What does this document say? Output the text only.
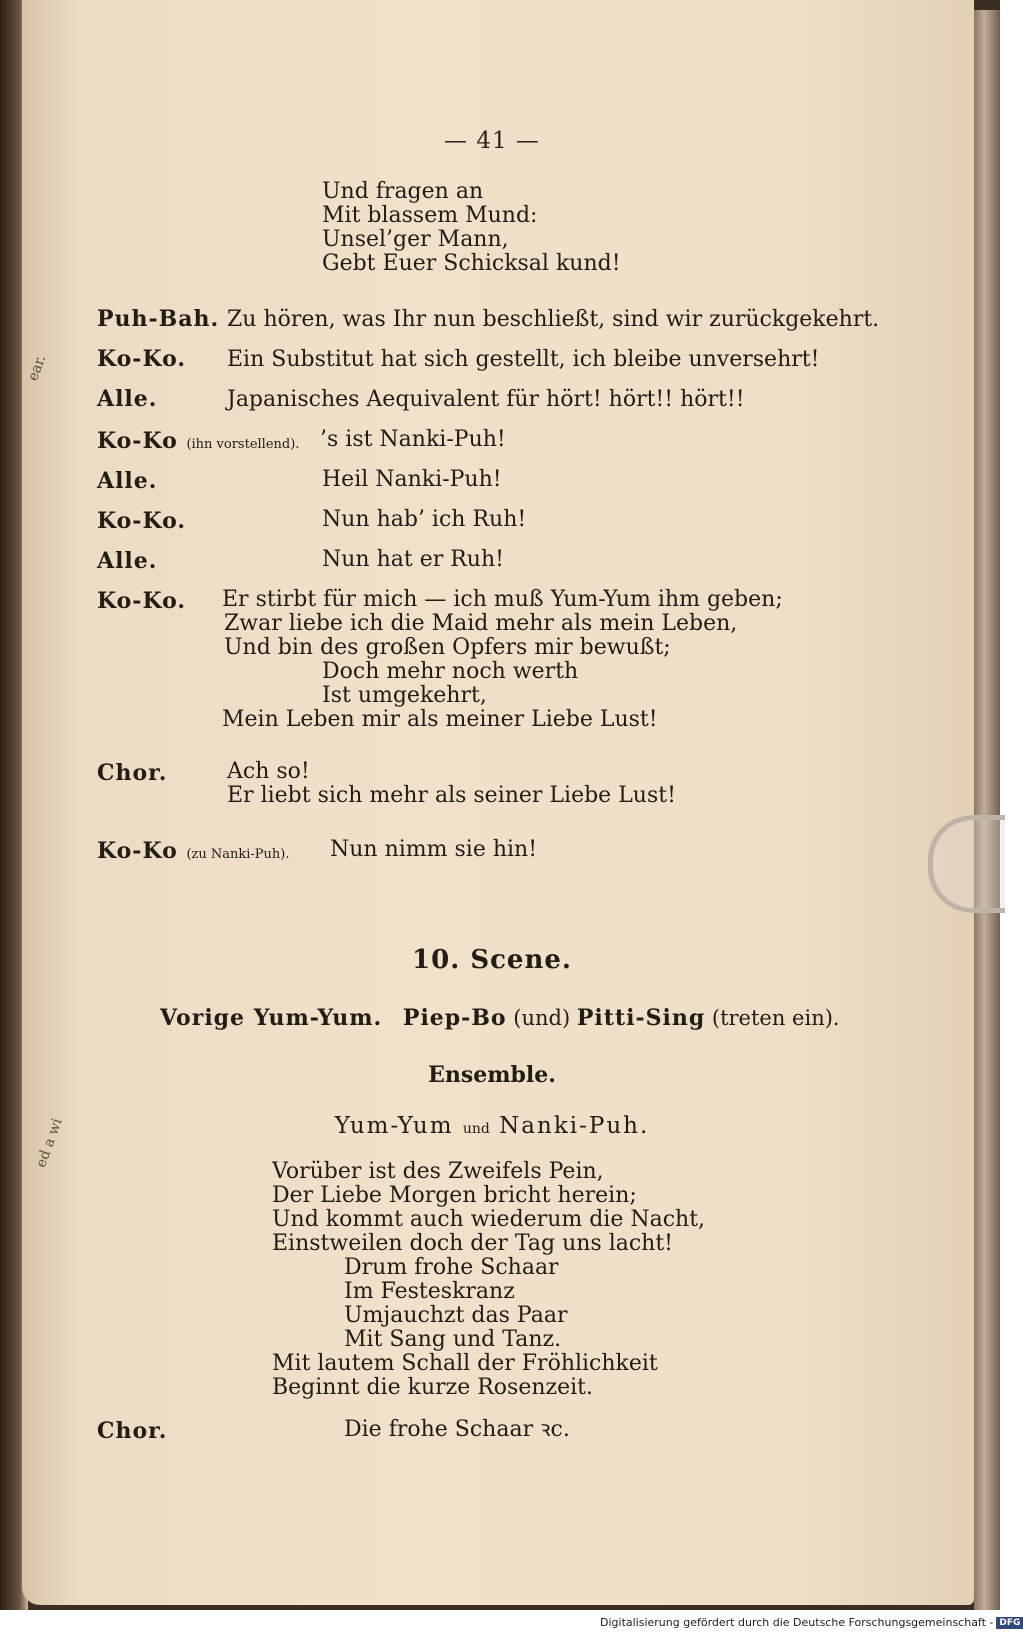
ear.
ed a wi
— 41 —
Und fragen an
Mit blassem Mund:
Unsel’ger Mann,
Gebt Euer Schicksal kund!
Puh-Bah. Zu hören, was Ihr nun beschließt, sind wir zurückgekehrt.
Ko-Ko. Ein Substitut hat sich gestellt, ich bleibe unversehrt!
Alle.	Japanisches Aequivalent für hört! hört!! hört!!
Ko-Ko (ihn vorstellend). ’s ist Nanki-Puh!
Alle.	Heil Nanki-Puh!
Ko-Ko.	Nun hab’ ich Ruh!
Alle.	Nun hat er Ruh!
Ko-Ko. Er stirbt für mich — ich muß Yum-Yum ihm geben;
Zwar liebe ich die Maid mehr als mein Leben,
Und bin des großen Opfers mir bewußt;
Doch mehr noch werth
Ist umgekehrt,
Mein Leben mir als meiner Liebe Lust!
Chor.	Ach so!
Er liebt sich mehr als seiner Liebe Lust!
Ko-Ko (zu Nanki-Puh). Nun nimm sie hin!
10. Scene.
Vorige Yum-Yum. Piep-Bo (und) Pitti-Sing (treten ein).
Ensemble.
Yum-Yum und Nanki-Puh.
Vorüber ist des Zweifels Pein,
Der Liebe Morgen bricht herein;
Und kommt auch wiederum die Nacht,
Einstweilen doch der Tag uns lacht!
Drum frohe Schaar
Im Festeskranz
Umjauchzt das Paar
Mit Sang und Tanz.
Mit lautem Schall der Fröhlichkeit
Beginnt die kurze Rosenzeit.
Chor.	Die frohe Schaar ꝛc.
Digitalisierung gefördert durch die Deutsche Forschungsgemeinschaft - DFG
